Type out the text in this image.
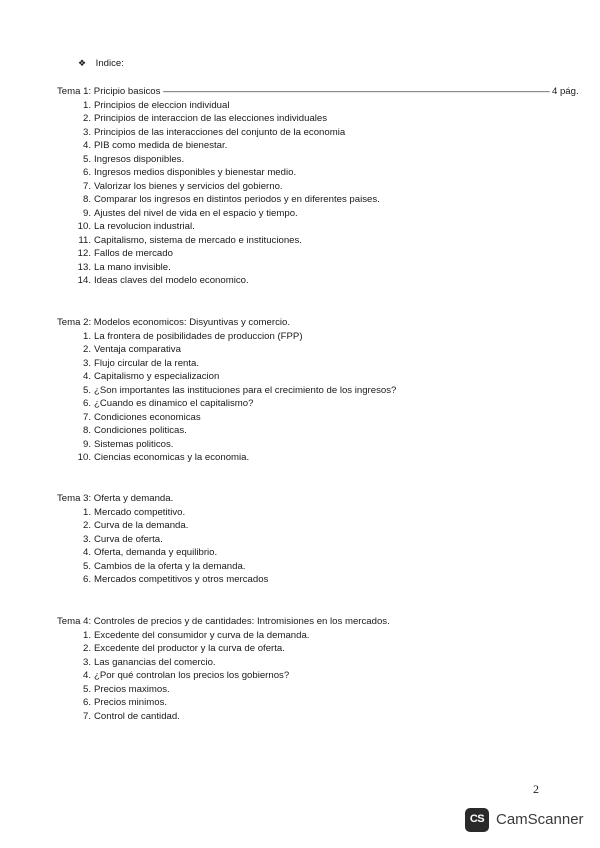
❖ Indice:
Tema 1: Pricipio basicos —————————————————————————————————————————— 4 pág.
1. Principios de eleccion individual
2. Principios de interaccion de las elecciones individuales
3. Principios de las interacciones del conjunto de la economia
4. PIB como medida de bienestar.
5. Ingresos disponibles.
6. Ingresos medios disponibles y bienestar medio.
7. Valorizar los bienes y servicios del gobierno.
8. Comparar los ingresos en distintos periodos y en diferentes paises.
9. Ajustes del nivel de vida en el espacio y tiempo.
10. La revolucion industrial.
11. Capitalismo, sistema de mercado e instituciones.
12. Fallos de mercado
13. La mano invisible.
14. Ideas claves del modelo economico.
Tema 2: Modelos economicos: Disyuntivas y comercio.
1. La frontera de posibilidades de produccion (FPP)
2. Ventaja comparativa
3. Flujo circular de la renta.
4. Capitalismo y especializacion
5. ¿Son importantes las instituciones para el crecimiento de los ingresos?
6. ¿Cuando es dinamico el capitalismo?
7. Condiciones economicas
8. Condiciones politicas.
9. Sistemas politicos.
10. Ciencias economicas y la economia.
Tema 3: Oferta y demanda.
1. Mercado competitivo.
2. Curva de la demanda.
3. Curva de oferta.
4. Oferta, demanda y equilibrio.
5. Cambios de la oferta y la demanda.
6. Mercados competitivos y otros mercados
Tema 4: Controles de precios y de cantidades: Intromisiones en los mercados.
1. Excedente del consumidor y curva de la demanda.
2. Excedente del productor y la curva de oferta.
3. Las ganancias del comercio.
4. ¿Por qué controlan los precios los gobiernos?
5. Precios maximos.
6. Precios minimos.
7. Control de cantidad.
2
CS CamScanner
